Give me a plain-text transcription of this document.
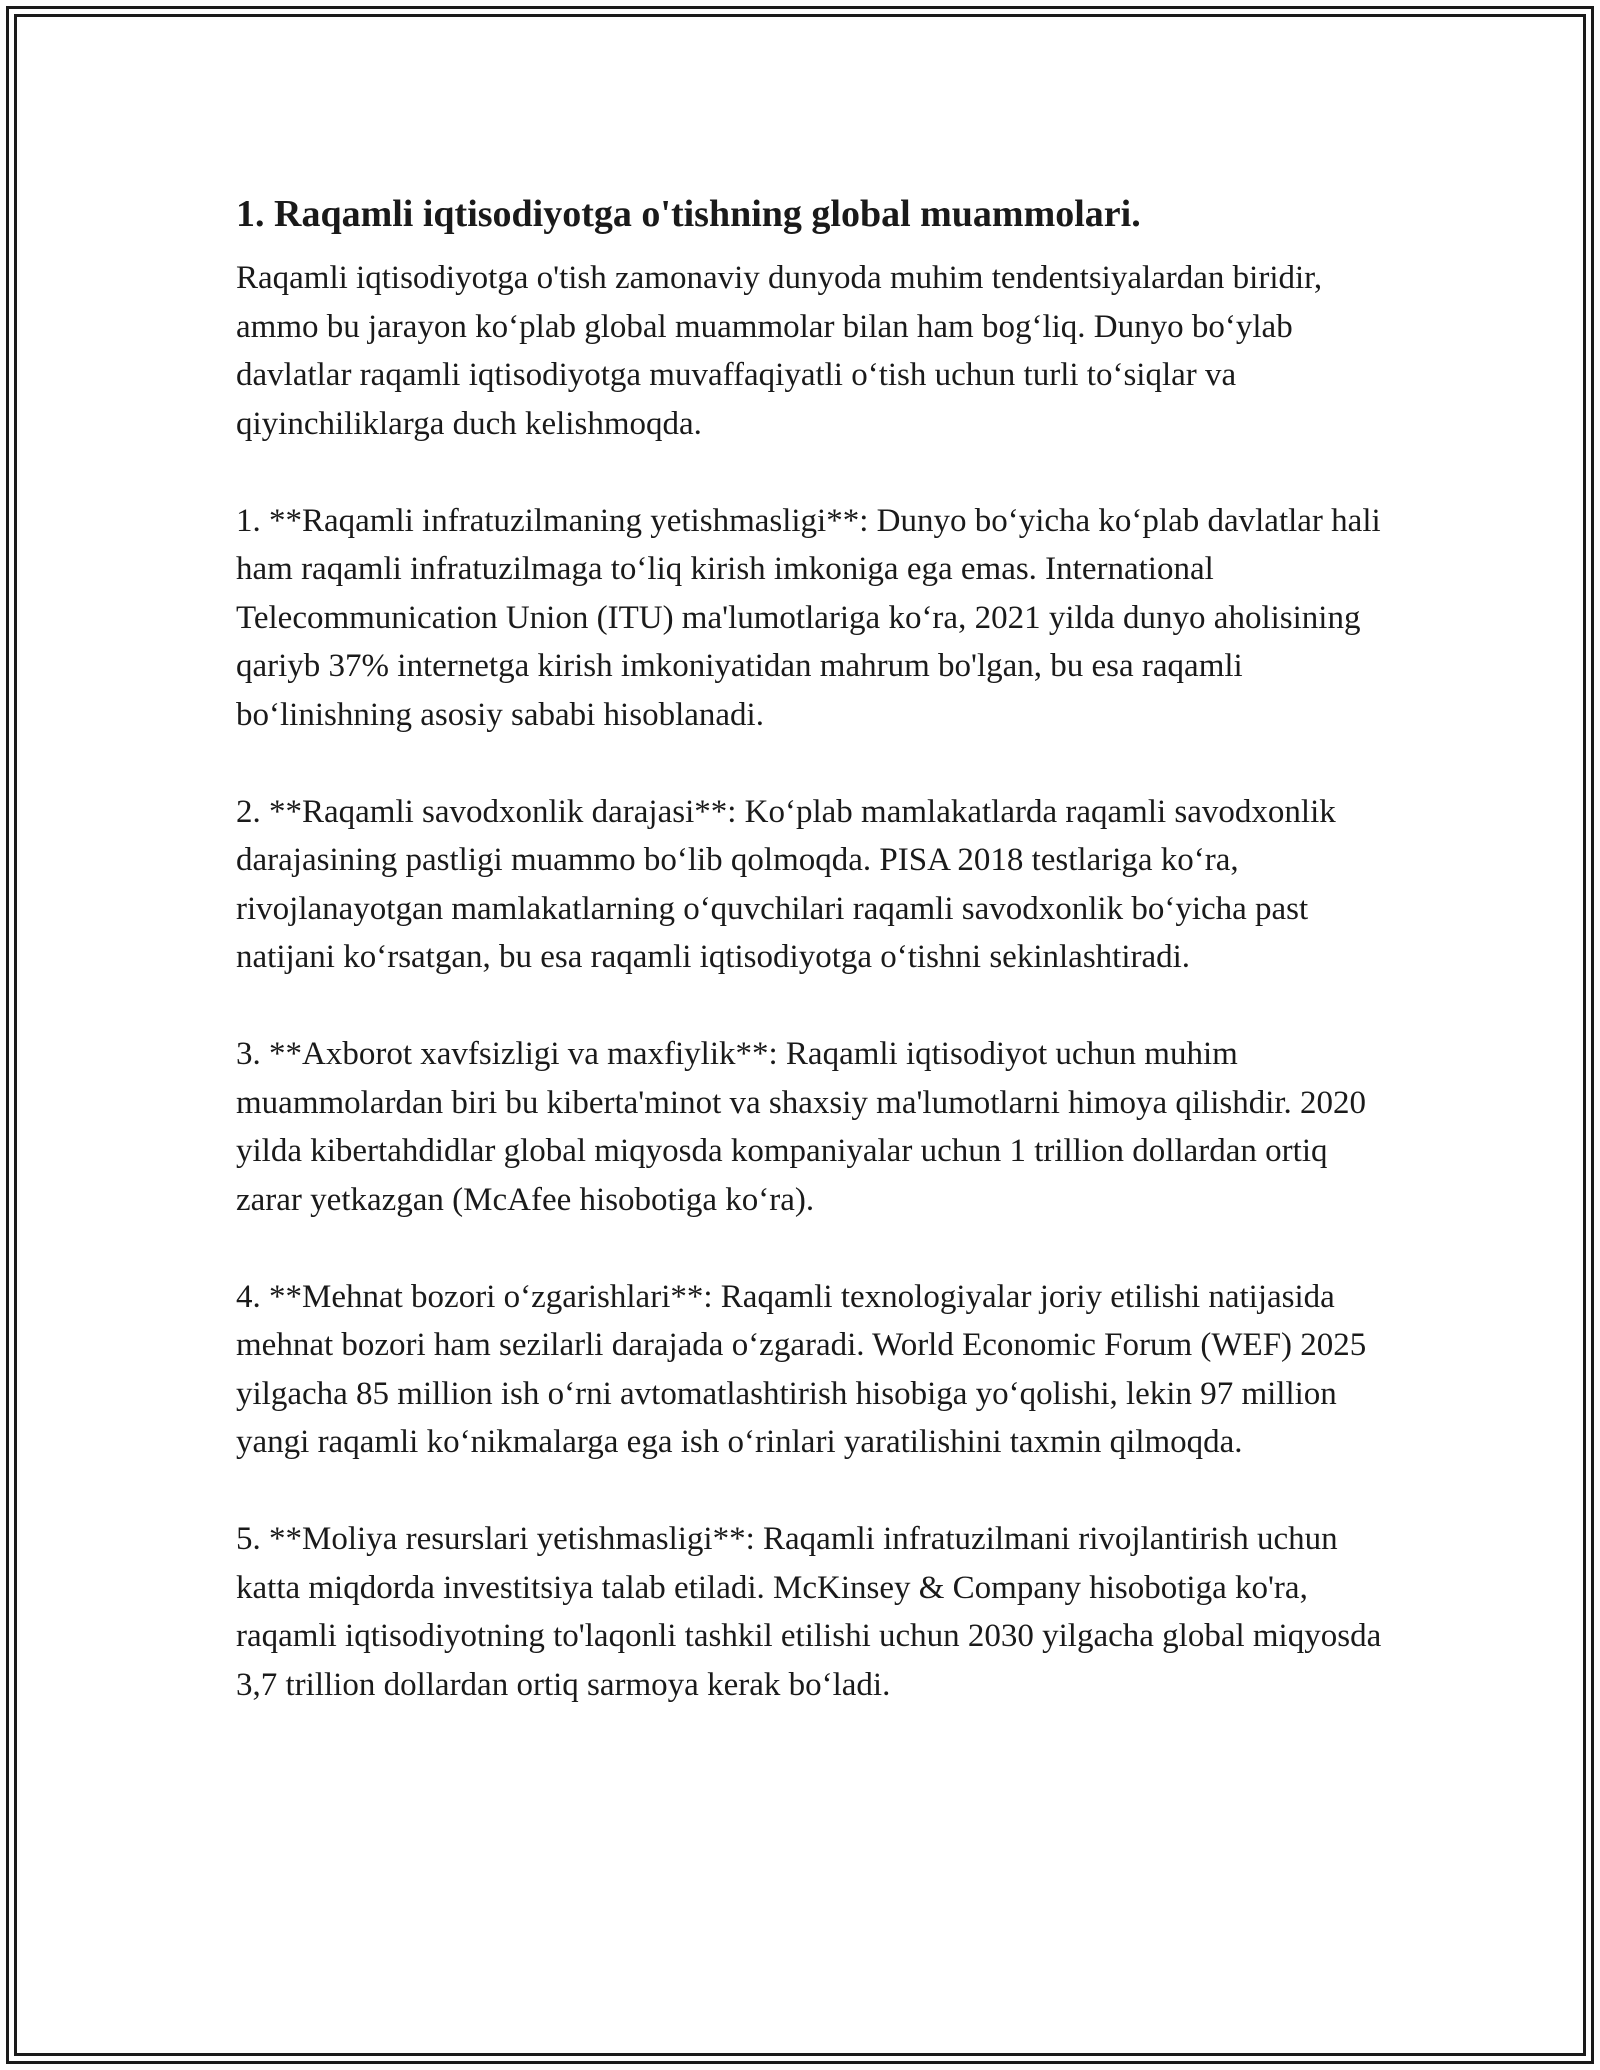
1. Raqamli iqtisodiyotga o'tishning global muammolari.

Raqamli iqtisodiyotga o'tish zamonaviy dunyoda muhim tendentsiyalardan biridir, ammo bu jarayon koʻplab global muammolar bilan ham bogʻliq. Dunyo boʻylab davlatlar raqamli iqtisodiyotga muvaffaqiyatli oʻtish uchun turli toʻsiqlar va qiyinchiliklarga duch kelishmoqda.

1. **Raqamli infratuzilmaning yetishmasligi**: Dunyo boʻyicha koʻplab davlatlar hali ham raqamli infratuzilmaga toʻliq kirish imkoniga ega emas. International Telecommunication Union (ITU) ma'lumotlariga koʻra, 2021 yilda dunyo aholisining qariyb 37% internetga kirish imkoniyatidan mahrum bo'lgan, bu esa raqamli boʻlinishning asosiy sababi hisoblanadi.

2. **Raqamli savodxonlik darajasi**: Koʻplab mamlakatlarda raqamli savodxonlik darajasining pastligi muammo boʻlib qolmoqda. PISA 2018 testlariga koʻra, rivojlanayotgan mamlakatlarning oʻquvchilari raqamli savodxonlik boʻyicha past natijani koʻrsatgan, bu esa raqamli iqtisodiyotga oʻtishni sekinlashtiradi.

3. **Axborot xavfsizligi va maxfiylik**: Raqamli iqtisodiyot uchun muhim muammolardan biri bu kiberta'minot va shaxsiy ma'lumotlarni himoya qilishdir. 2020 yilda kibertahdidlar global miqyosda kompaniyalar uchun 1 trillion dollardan ortiq zarar yetkazgan (McAfee hisobotiga koʻra).

4. **Mehnat bozori oʻzgarishlari**: Raqamli texnologiyalar joriy etilishi natijasida mehnat bozori ham sezilarli darajada oʻzgaradi. World Economic Forum (WEF) 2025 yilgacha 85 million ish oʻrni avtomatlashtirish hisobiga yoʻqolishi, lekin 97 million yangi raqamli koʻnikmalarga ega ish oʻrinlari yaratilishini taxmin qilmoqda.

5. **Moliya resurslari yetishmasligi**: Raqamli infratuzilmani rivojlantirish uchun katta miqdorda investitsiya talab etiladi. McKinsey & Company hisobotiga ko'ra, raqamli iqtisodiyotning to'laqonli tashkil etilishi uchun 2030 yilgacha global miqyosda 3,7 trillion dollardan ortiq sarmoya kerak boʻladi.
